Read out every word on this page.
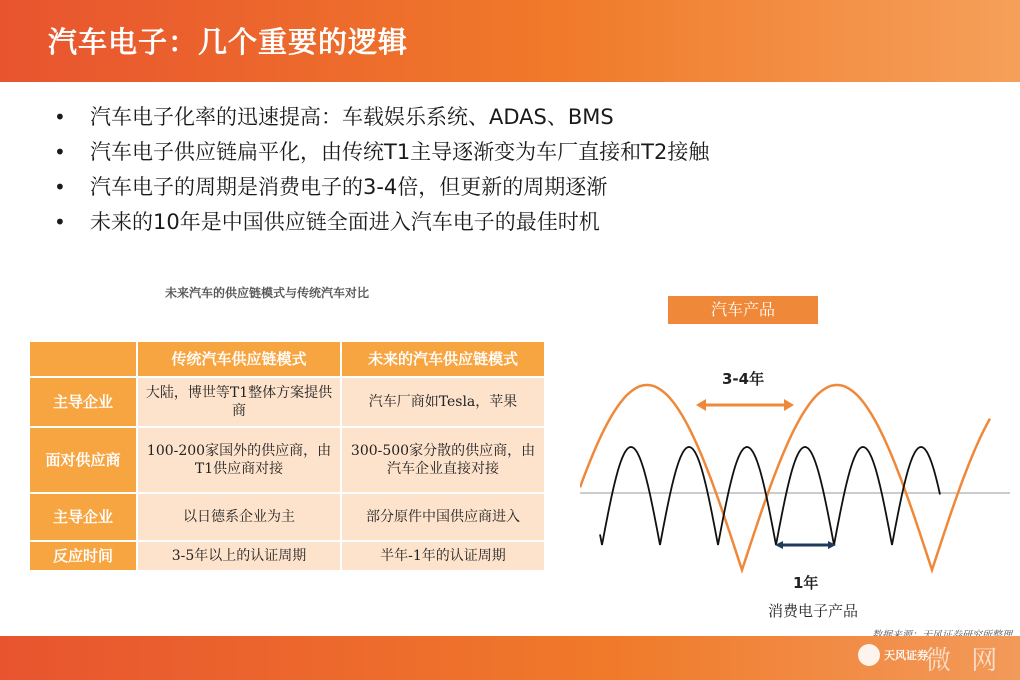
汽车电子：几个重要的逻辑
• 汽车电子化率的迅速提高：车载娱乐系统、ADAS、BMS
• 汽车电子供应链扁平化，由传统T1主导逐渐变为车厂直接和T2接触
• 汽车电子的周期是消费电子的3-4倍，但更新的周期逐渐
• 未来的10年是中国供应链全面进入汽车电子的最佳时机
未来汽车的供应链模式与传统汽车对比
	传统汽车供应链模式	未来的汽车供应链模式
主导企业	大陆，博世等T1整体方案提供商	汽车厂商如Tesla，苹果
面对供应商	100-200家国外的供应商，由T1供应商对接	300-500家分散的供应商，由汽车企业直接对接
主导企业	以日德系企业为主	部分原件中国供应商进入
反应时间	3-5年以上的认证周期	半年-1年的认证周期
汽车产品
3-4年
1年
消费电子产品
天风证券
微 网
